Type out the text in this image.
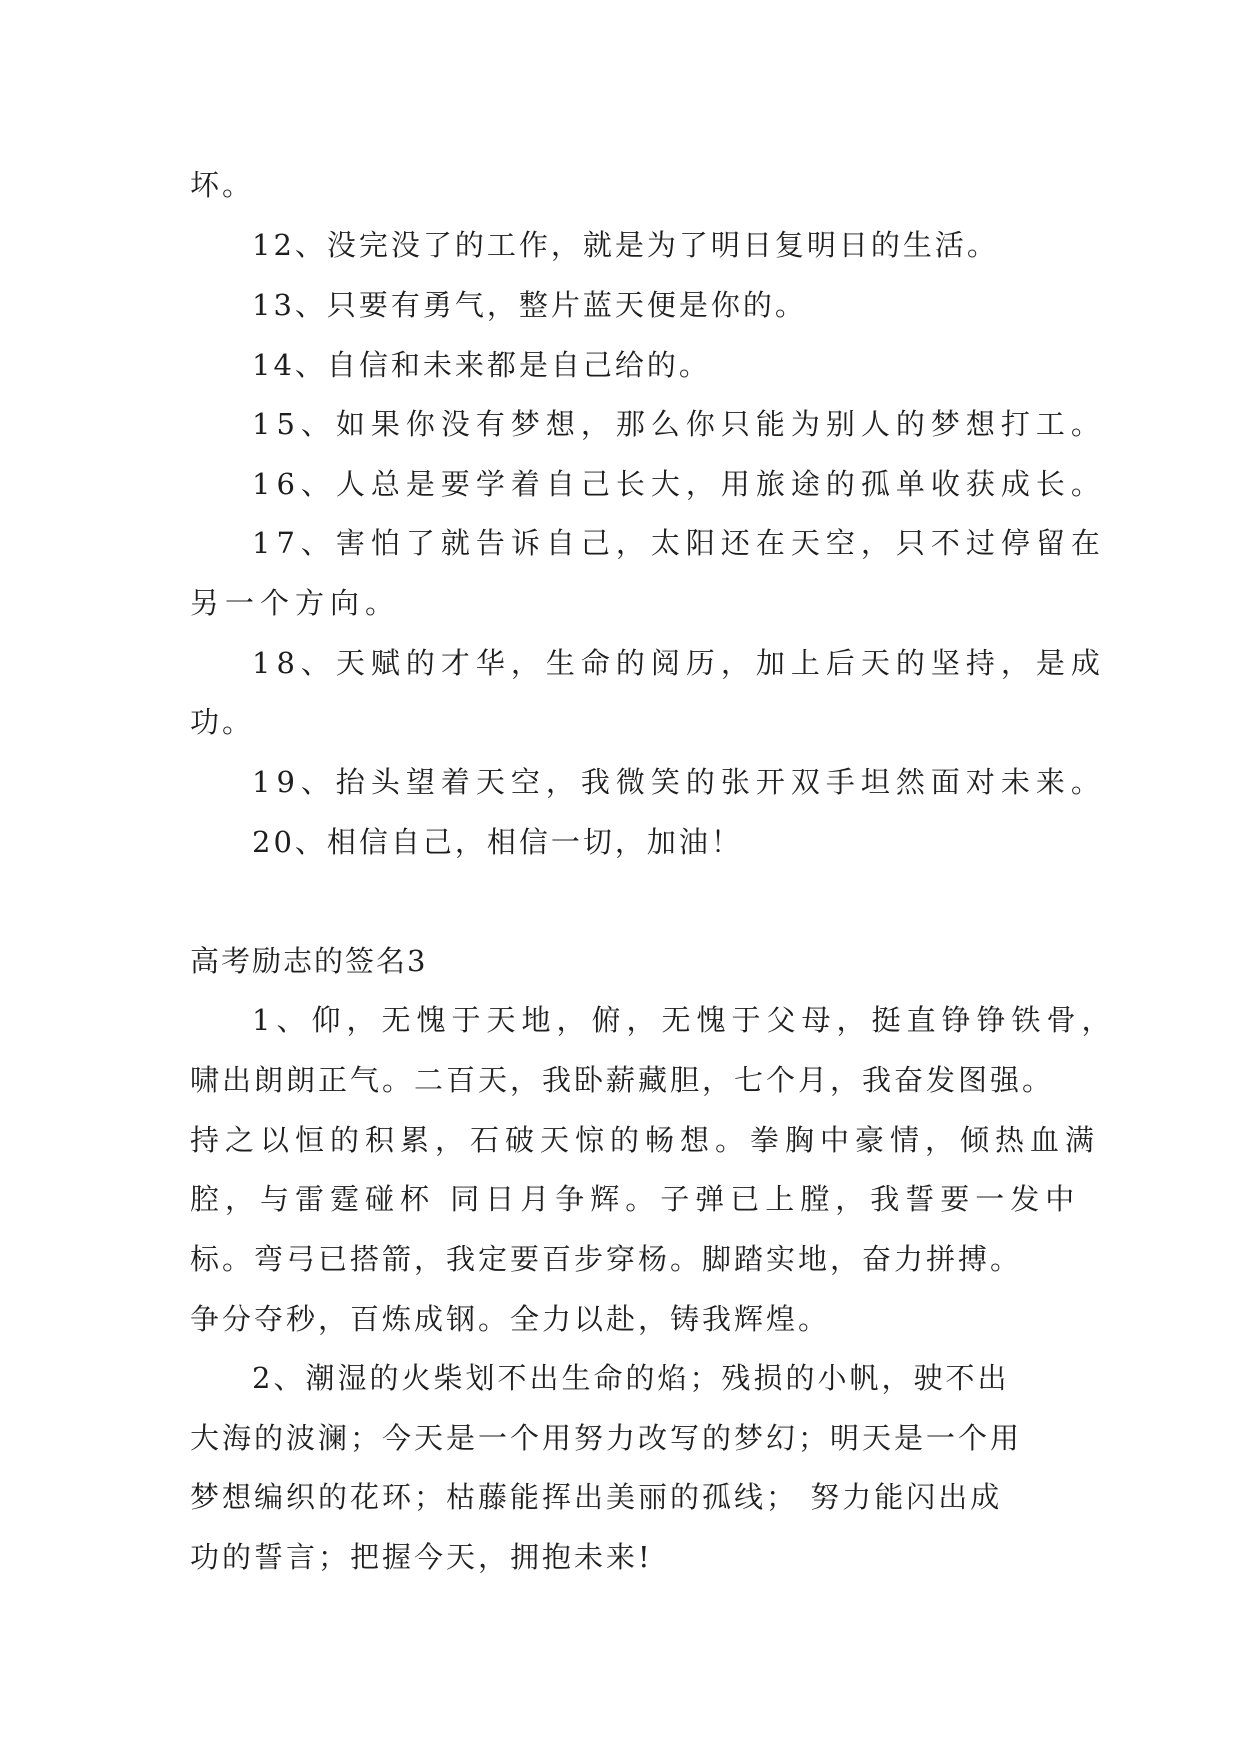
坏。
12、没完没了的工作，就是为了明日复明日的生活。
13、只要有勇气，整片蓝天便是你的。
14、自信和未来都是自己给的。
15、如果你没有梦想，那么你只能为别人的梦想打工。
16、人总是要学着自己长大，用旅途的孤单收获成长。
17、害怕了就告诉自己，太阳还在天空，只不过停留在
另一个方向。
18、天赋的才华，生命的阅历，加上后天的坚持，是成
功。
19、抬头望着天空，我微笑的张开双手坦然面对未来。
20、相信自己，相信一切，加油！
高考励志的签名3
1、仰，无愧于天地，俯，无愧于父母，挺直铮铮铁骨，
啸出朗朗正气。二百天，我卧薪藏胆，七个月，我奋发图强。
持之以恒的积累，石破天惊的畅想。拳胸中豪情，倾热血满
腔，与雷霆碰杯 同日月争辉。子弹已上膛，我誓要一发中
标。弯弓已搭箭，我定要百步穿杨。脚踏实地，奋力拼搏。
争分夺秒，百炼成钢。全力以赴，铸我辉煌。
2、潮湿的火柴划不出生命的焰；残损的小帆，驶不出
大海的波澜；今天是一个用努力改写的梦幻；明天是一个用
梦想编织的花环；枯藤能挥出美丽的孤线； 努力能闪出成
功的誓言；把握今天，拥抱未来!
